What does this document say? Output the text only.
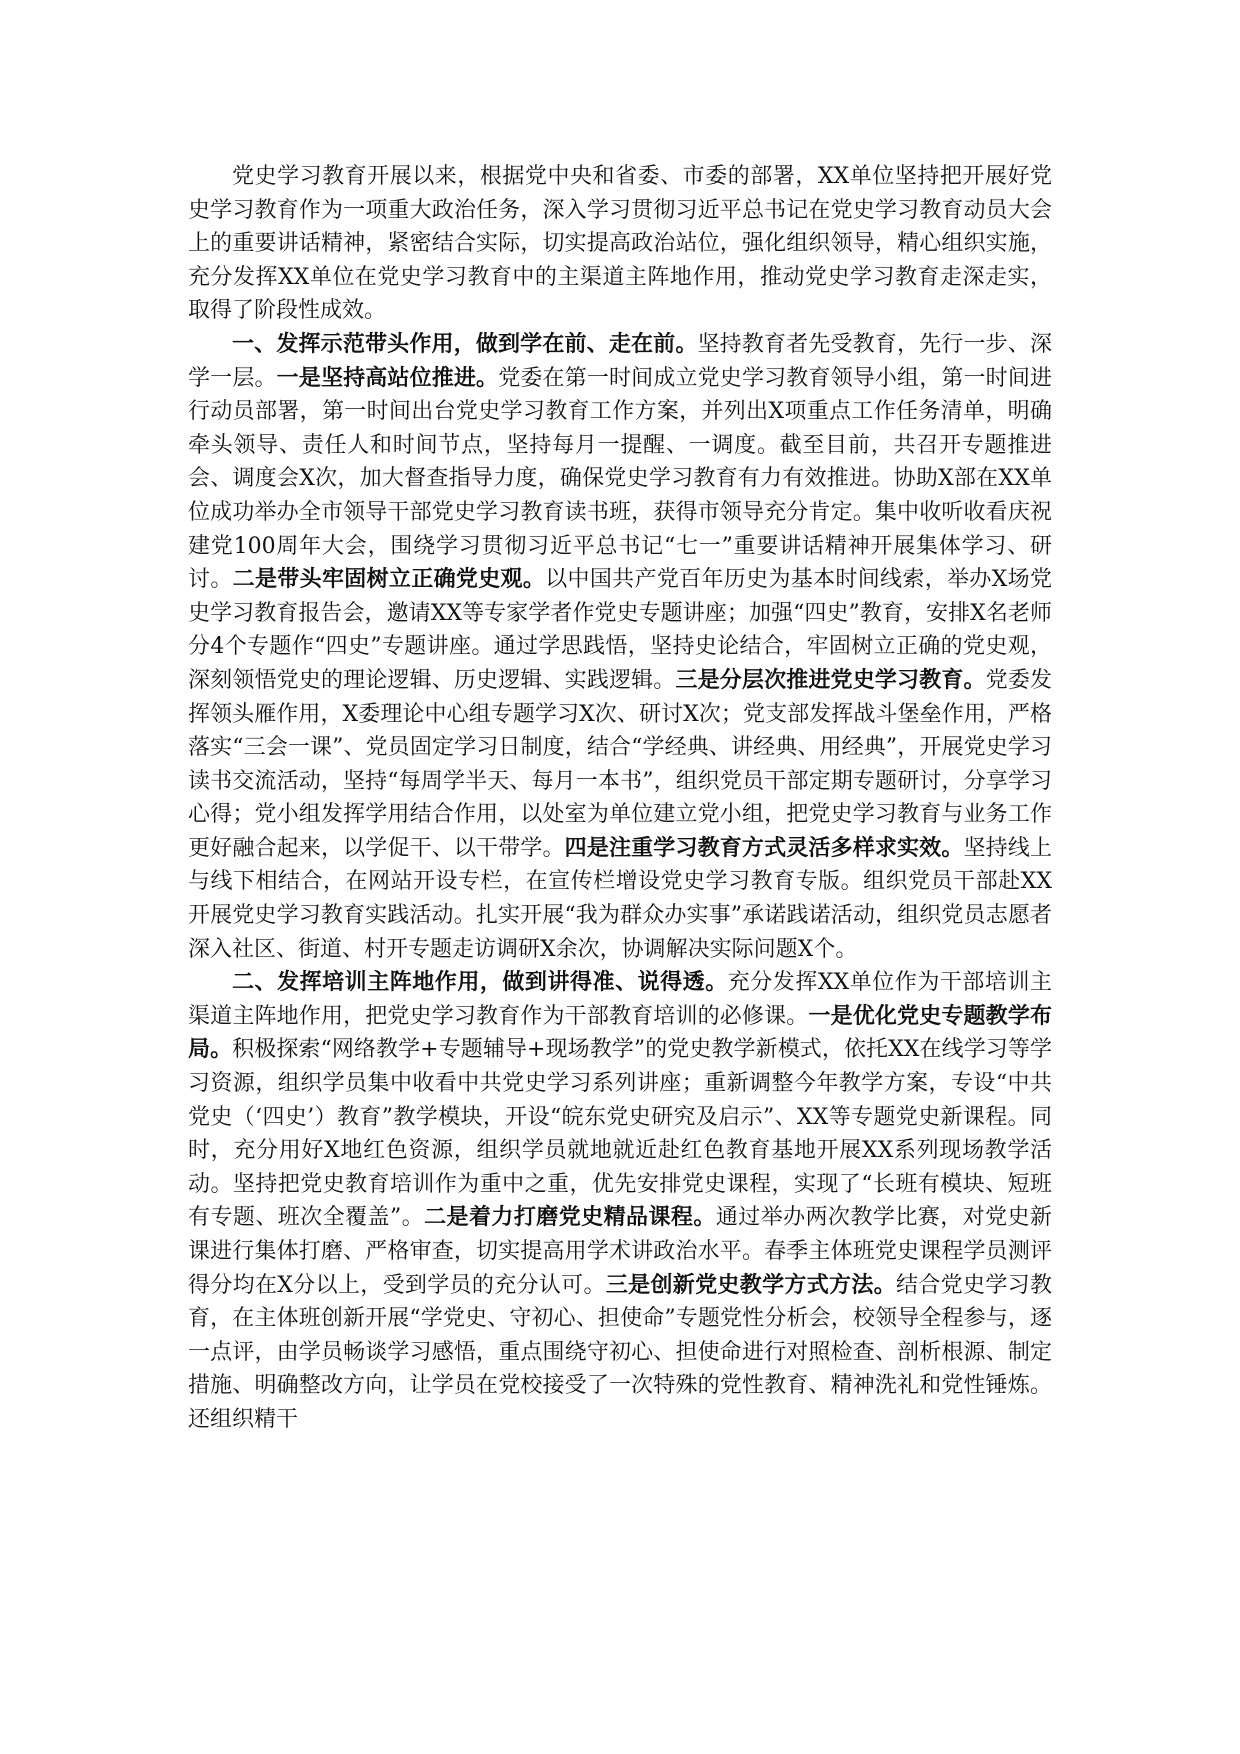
党史学习教育开展以来，根据党中央和省委、市委的部署，XX单位坚持把开展好党史学习教育作为一项重大政治任务，深入学习贯彻习近平总书记在党史学习教育动员大会上的重要讲话精神，紧密结合实际，切实提高政治站位，强化组织领导，精心组织实施，充分发挥XX单位在党史学习教育中的主渠道主阵地作用，推动党史学习教育走深走实，取得了阶段性成效。

一、发挥示范带头作用，做到学在前、走在前。坚持教育者先受教育，先行一步、深学一层。一是坚持高站位推进。党委在第一时间成立党史学习教育领导小组，第一时间进行动员部署，第一时间出台党史学习教育工作方案，并列出X项重点工作任务清单，明确牵头领导、责任人和时间节点，坚持每月一提醒、一调度。截至目前，共召开专题推进会、调度会X次，加大督查指导力度，确保党史学习教育有力有效推进。协助X部在XX单位成功举办全市领导干部党史学习教育读书班，获得市领导充分肯定。集中收听收看庆祝建党100周年大会，围绕学习贯彻习近平总书记“七一”重要讲话精神开展集体学习、研讨。二是带头牢固树立正确党史观。以中国共产党百年历史为基本时间线索，举办X场党史学习教育报告会，邀请XX等专家学者作党史专题讲座；加强“四史”教育，安排X名老师分4个专题作“四史”专题讲座。通过学思践悟，坚持史论结合，牢固树立正确的党史观，深刻领悟党史的理论逻辑、历史逻辑、实践逻辑。三是分层次推进党史学习教育。党委发挥领头雁作用，X委理论中心组专题学习X次、研讨X次；党支部发挥战斗堡垒作用，严格落实“三会一课”、党员固定学习日制度，结合“学经典、讲经典、用经典”，开展党史学习读书交流活动，坚持“每周学半天、每月一本书”，组织党员干部定期专题研讨，分享学习心得；党小组发挥学用结合作用，以处室为单位建立党小组，把党史学习教育与业务工作更好融合起来，以学促干、以干带学。四是注重学习教育方式灵活多样求实效。坚持线上与线下相结合，在网站开设专栏，在宣传栏增设党史学习教育专版。组织党员干部赴XX开展党史学习教育实践活动。扎实开展“我为群众办实事”承诺践诺活动，组织党员志愿者深入社区、街道、村开专题走访调研X余次，协调解决实际问题X个。

二、发挥培训主阵地作用，做到讲得准、说得透。充分发挥XX单位作为干部培训主渠道主阵地作用，把党史学习教育作为干部教育培训的必修课。一是优化党史专题教学布局。积极探索“网络教学+专题辅导+现场教学”的党史教学新模式，依托XX在线学习等学习资源，组织学员集中收看中共党史学习系列讲座；重新调整今年教学方案，专设“中共党史（‘四史’）教育”教学模块，开设“皖东党史研究及启示”、XX等专题党史新课程。同时，充分用好X地红色资源，组织学员就地就近赴红色教育基地开展XX系列现场教学活动。坚持把党史教育培训作为重中之重，优先安排党史课程，实现了“长班有模块、短班有专题、班次全覆盖”。二是着力打磨党史精品课程。通过举办两次教学比赛，对党史新课进行集体打磨、严格审查，切实提高用学术讲政治水平。春季主体班党史课程学员测评得分均在X分以上，受到学员的充分认可。三是创新党史教学方式方法。结合党史学习教育，在主体班创新开展“学党史、守初心、担使命”专题党性分析会，校领导全程参与，逐一点评，由学员畅谈学习感悟，重点围绕守初心、担使命进行对照检查、剖析根源、制定措施、明确整改方向，让学员在党校接受了一次特殊的党性教育、精神洗礼和党性锤炼。还组织精干
